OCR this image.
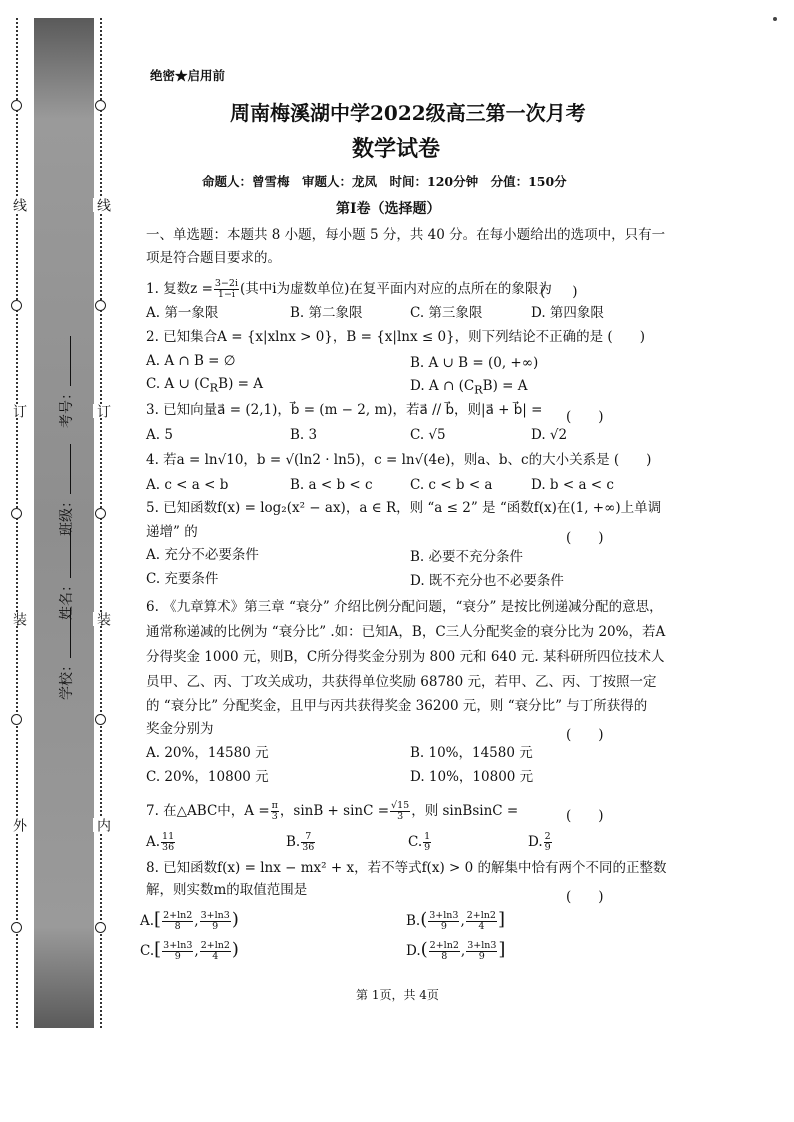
线
订
装
外
线
订
装
内
考号：
班级：
姓名：
学校：
绝密★启用前
周南梅溪湖中学2022级高三第一次月考
数学试卷
命题人：曾雪梅　审题人：龙凤　时间：120分钟　分值：150分
第Ⅰ卷（选择题）
一、单选题：本题共 8 小题，每小题 5 分，共 40 分。在每小题给出的选项中，只有一
项是符合题目要求的。
1. 复数$z = \frac{3-2i}{1-i}$ (其中i为虚数单位)在复平面内对应的点所在的象限为
(　　)
A. 第一象限	B. 第二象限	C. 第三象限	D. 第四象限
2. 已知集合A = {x|xlnx > 0}，B = {x|lnx ≤ 0}，则下列结论不正确的是 (　　)
A. A ∩ B = ∅	B. A ∪ B = (0, +∞)
C. A ∪ $(C_RB) = A$	D. A ∩ $(C_RB) = A$
3. 已知向量a⃗ = (2,1)，b⃗ = (m − 2, m)，若a⃗ // b⃗，则|a⃗ + b⃗| = (　　)
A. 5	B. 3	C. √5	D. √2
4. 若a = ln√10，b = √(ln2 · ln5)，c = ln√(4e)，则a、b、c的大小关系是 (　　)
A. c < a < b	B. a < b < c	C. c < b < a	D. b < a < c
5. 已知函数f(x) = log₂(x² − ax)，a ∈ R，则 “a ≤ 2” 是 “函数f(x)在(1, +∞)上单调
递增” 的	(　　)
A. 充分不必要条件	B. 必要不充分条件
C. 充要条件	D. 既不充分也不必要条件
6. 《九章算术》第三章 “衰分” 介绍比例分配问题，“衰分” 是按比例递减分配的意思，
通常称递减的比例为 “衰分比” .如：已知A，B，C三人分配奖金的衰分比为 20%，若A
分得奖金 1000 元，则B，C所分得奖金分别为 800 元和 640 元. 某科研所四位技术人
员甲、乙、丙、丁攻关成功，共获得单位奖励 68780 元，若甲、乙、丙、丁按照一定
的 “衰分比” 分配奖金，且甲与丙共获得奖金 36200 元，则 “衰分比” 与丁所获得的
奖金分别为	(　　)
A. 20%，14580 元	B. 10%，14580 元
C. 20%，10800 元	D. 10%，10800 元
7. 在△ABC中，$A = \frac{\pi}{3}$ ，$\sin B + \sin C = \frac{√15}{3}$ ，则 sinBsinC =	(　　)
A. $\frac{11}{36}$	B. $\frac{7}{36}$	C. $\frac{1}{9}$	D. $\frac{2}{9}$
8. 已知函数f(x) = lnx − mx² + x，若不等式f(x) > 0 的解集中恰有两个不同的正整数
解，则实数m的取值范围是	(　　)
$A.[ \frac{2+\ln 2}{8}$ , $\frac{3+\ln 3}{9}$ )	$B.( \frac{3+\ln 3}{9}$ , $\frac{2+\ln 2}{4}$ ]
$C.[ \frac{3+\ln 3}{9}$ , $\frac{2+\ln 2}{4}$ )	$D.( \frac{2+\ln 2}{8}$ , $\frac{3+\ln 3}{9}$ ]
第 1页，共 4页
